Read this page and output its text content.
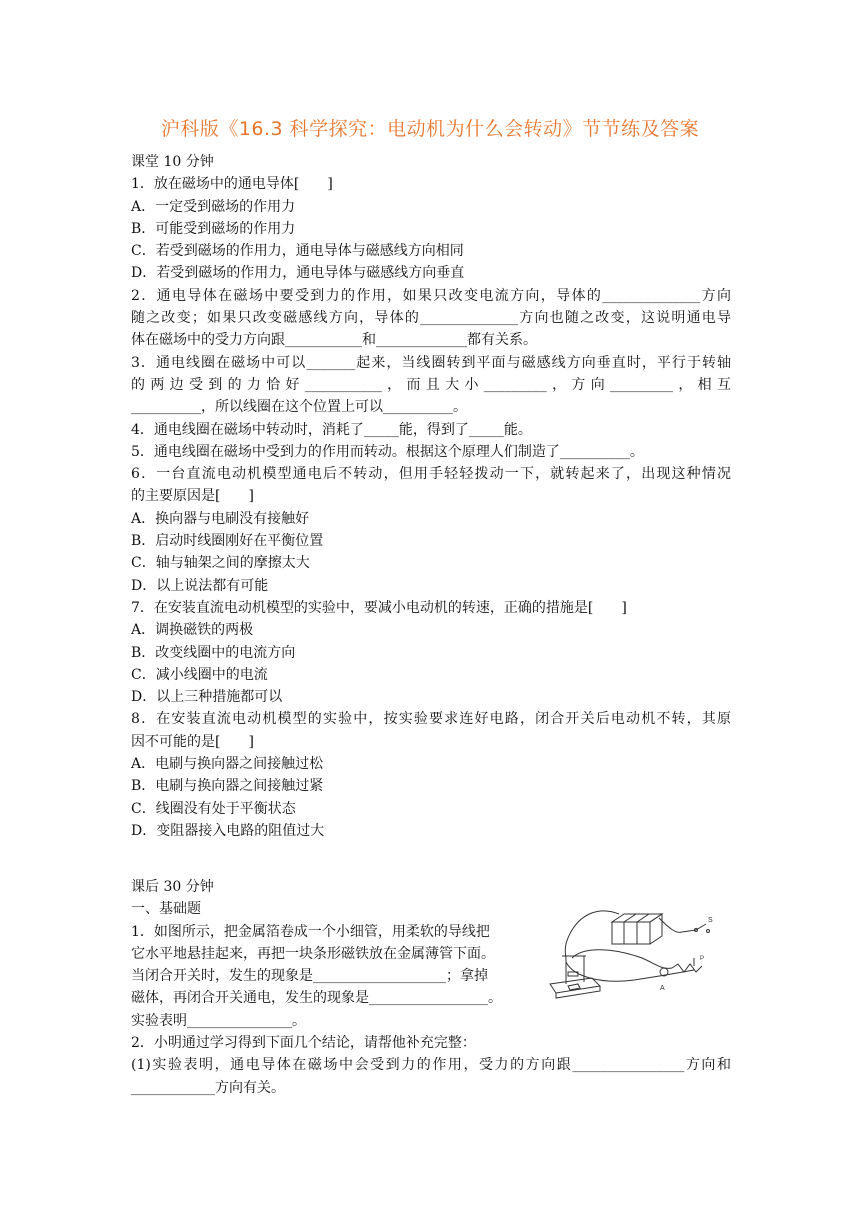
沪科版《16.3 科学探究：电动机为什么会转动》节节练及答案

课堂 10 分钟

1．放在磁场中的通电导体[　　]

A．一定受到磁场的作用力

B．可能受到磁场的作用力

C．若受到磁场的作用力，通电导体与磁感线方向相同

D．若受到磁场的作用力，通电导体与磁感线方向垂直

2．通电导体在磁场中要受到力的作用，如果只改变电流方向，导体的______________方向

随之改变；如果只改变磁感线方向，导体的______________方向也随之改变，这说明通电导

体在磁场中的受力方向跟___________和_____________都有关系。

3．通电线圈在磁场中可以_______起来，当线圈转到平面与磁感线方向垂直时，平行于转轴

的两边受到的力恰好___________，而且大小_________，方向_________，相互

__________，所以线圈在这个位置上可以__________。

4．通电线圈在磁场中转动时，消耗了_____能，得到了_____能。

5．通电线圈在磁场中受到力的作用而转动。根据这个原理人们制造了__________。

6．一台直流电动机模型通电后不转动，但用手轻轻拨动一下，就转起来了，出现这种情况

的主要原因是[　　]

A．换向器与电刷没有接触好

B．启动时线圈刚好在平衡位置

C．轴与轴架之间的摩擦太大

D．以上说法都有可能

7．在安装直流电动机模型的实验中，要减小电动机的转速，正确的措施是[　　]

A．调换磁铁的两极

B．改变线圈中的电流方向

C．减小线圈中的电流

D．以上三种措施都可以

8．在安装直流电动机模型的实验中，按实验要求连好电路，闭合开关后电动机不转，其原

因不可能的是[　　]

A．电刷与换向器之间接触过松

B．电刷与换向器之间接触过紧

C．线圈没有处于平衡状态

D．变阻器接入电路的阻值过大

课后 30 分钟

一、基础题

1．如图所示，把金属箔卷成一个小细管，用柔软的导线把

它水平地悬挂起来，再把一块条形磁铁放在金属薄管下面。

当闭合开关时，发生的现象是___________________；拿掉

磁体，再闭合开关通电，发生的现象是_________________。

实验表明_______________。

2．小明通过学习得到下面几个结论，请帮他补充完整：

(1)实验表明，通电导体在磁场中会受到力的作用，受力的方向跟________________方向和

____________方向有关。

S
A
P
